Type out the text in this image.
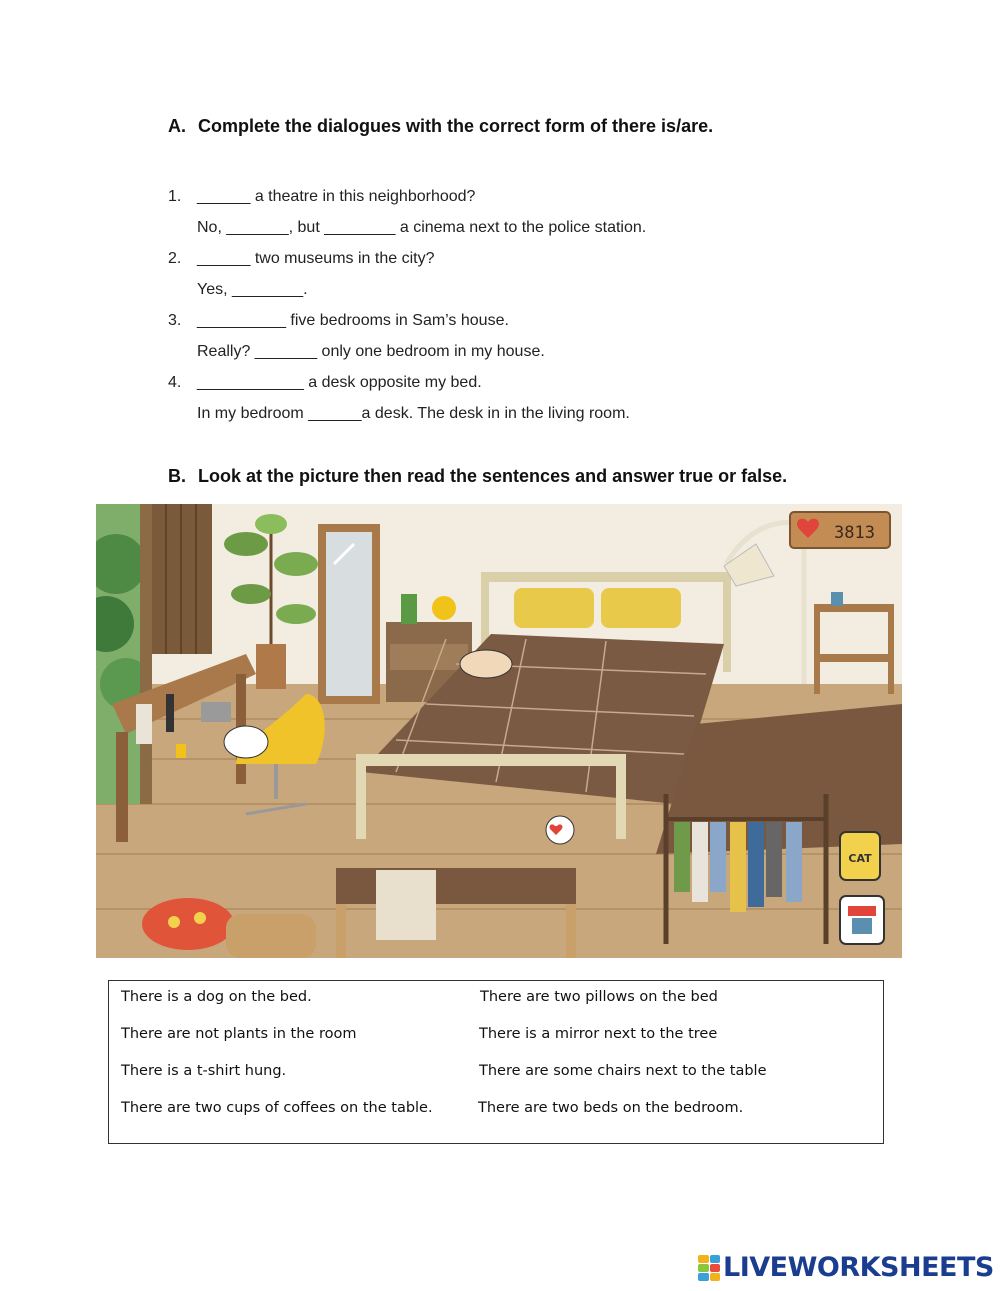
A. Complete the dialogues with the correct form of there is/are.
1. ______ a theatre in this neighborhood?
No, _______, but ________ a cinema next to the police station.
2. ______ two museums in the city?
Yes, ________.
3. __________ five bedrooms in Sam’s house.
Really? _______ only one bedroom in my house.
4. ____________ a desk opposite my bed.
In my bedroom ______a desk. The desk in in the living room.
B. Look at the picture then read the sentences and answer true or false.
3813
CAT
There is a dog on the bed.
There are not plants in the room
There is a t-shirt hung.
There are two cups of coffees on the table.
There are two pillows on the bed
There is a mirror next to the tree
There are some chairs next to the table
There are two beds on the bedroom.
LIVEWORKSHEETS
